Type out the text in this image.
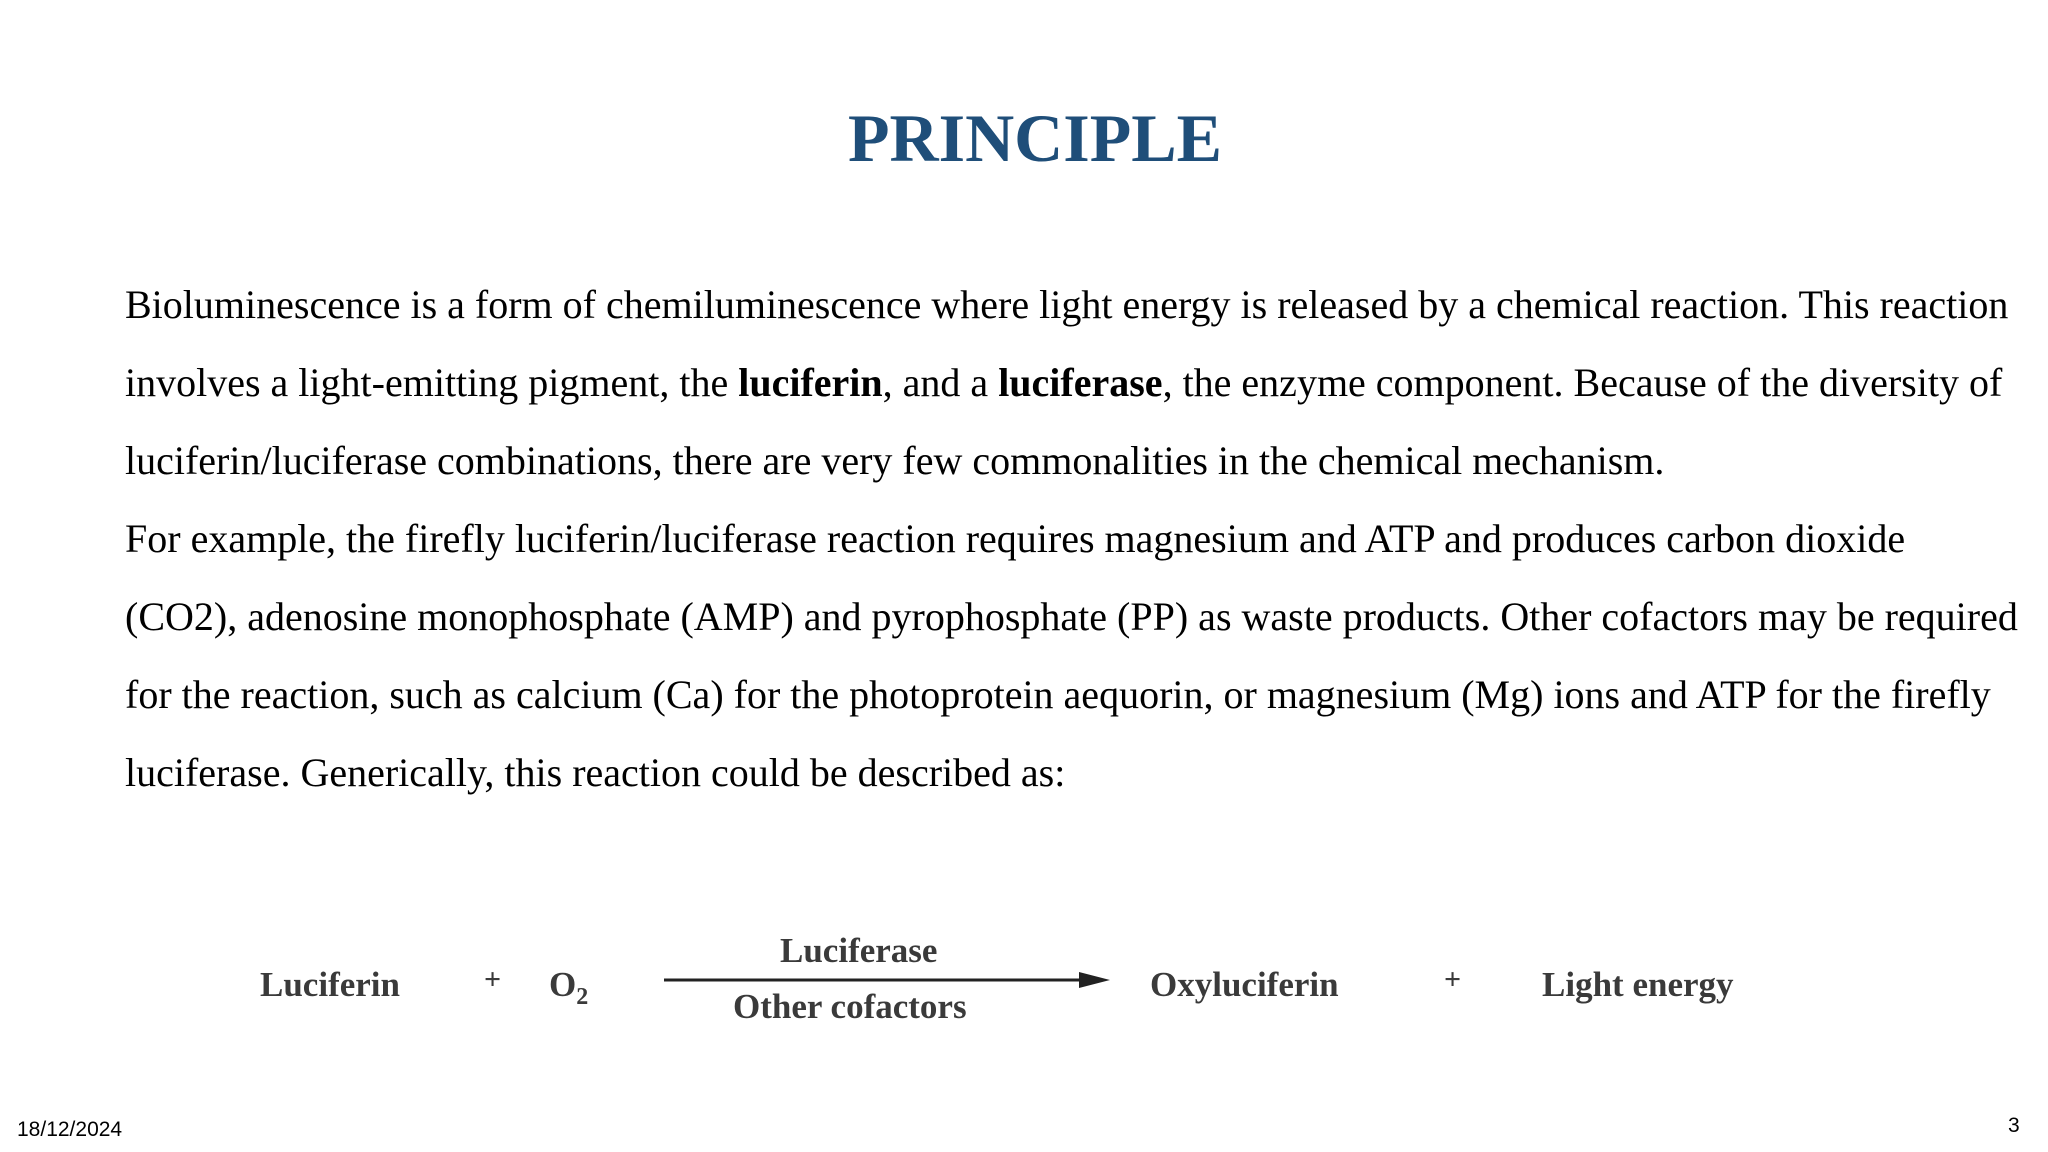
PRINCIPLE

Bioluminescence is a form of chemiluminescence where light energy is released by a chemical reaction. This reaction involves a light-emitting pigment, the luciferin, and a luciferase, the enzyme component. Because of the diversity of luciferin/luciferase combinations, there are very few commonalities in the chemical mechanism.

For example, the firefly luciferin/luciferase reaction requires magnesium and ATP and produces carbon dioxide (CO2), adenosine monophosphate (AMP) and pyrophosphate (PP) as waste products. Other cofactors may be required for the reaction, such as calcium (Ca) for the photoprotein aequorin, or magnesium (Mg) ions and ATP for the firefly luciferase. Generically, this reaction could be described as:

Luciferin	+ $O_2$
Luciferase
Other cofactors
Oxyluciferin	+ Light energy
18/12/2024	3
